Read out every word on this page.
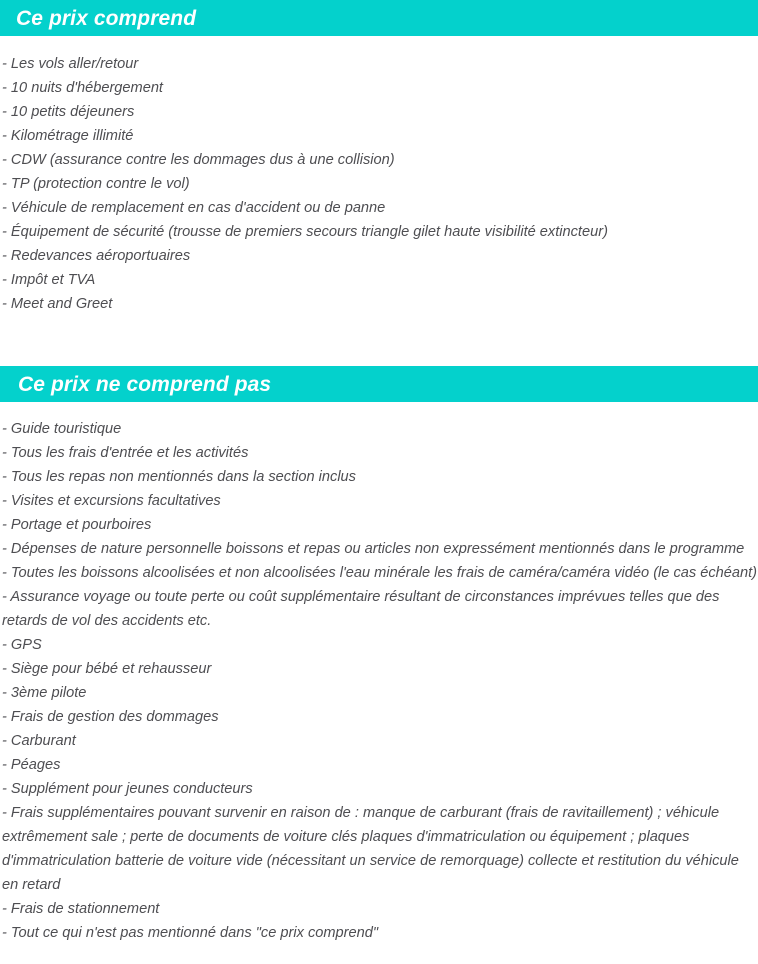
Ce prix comprend
- Les vols aller/retour
- 10 nuits d'hébergement
- 10 petits déjeuners
- Kilométrage illimité
- CDW (assurance contre les dommages dus à une collision)
- TP (protection contre le vol)
- Véhicule de remplacement en cas d'accident ou de panne
- Équipement de sécurité (trousse de premiers secours triangle gilet haute visibilité extincteur)
- Redevances aéroportuaires
- Impôt et TVA
- Meet and Greet
Ce prix ne comprend pas
- Guide touristique
- Tous les frais d'entrée et les activités
- Tous les repas non mentionnés dans la section inclus
- Visites et excursions facultatives
- Portage et pourboires
- Dépenses de nature personnelle boissons et repas ou articles non expressément mentionnés dans le programme
- Toutes les boissons alcoolisées et non alcoolisées l'eau minérale les frais de caméra/caméra vidéo (le cas échéant)
- Assurance voyage ou toute perte ou coût supplémentaire résultant de circonstances imprévues telles que des retards de vol des accidents etc.
- GPS
- Siège pour bébé et rehausseur
- 3ème pilote
- Frais de gestion des dommages
- Carburant
- Péages
- Supplément pour jeunes conducteurs
- Frais supplémentaires pouvant survenir en raison de : manque de carburant (frais de ravitaillement) ; véhicule extrêmement sale ; perte de documents de voiture clés plaques d'immatriculation ou équipement ; plaques d'immatriculation batterie de voiture vide (nécessitant un service de remorquage) collecte et restitution du véhicule en retard
- Frais de stationnement
- Tout ce qui n'est pas mentionné dans "ce prix comprend"
